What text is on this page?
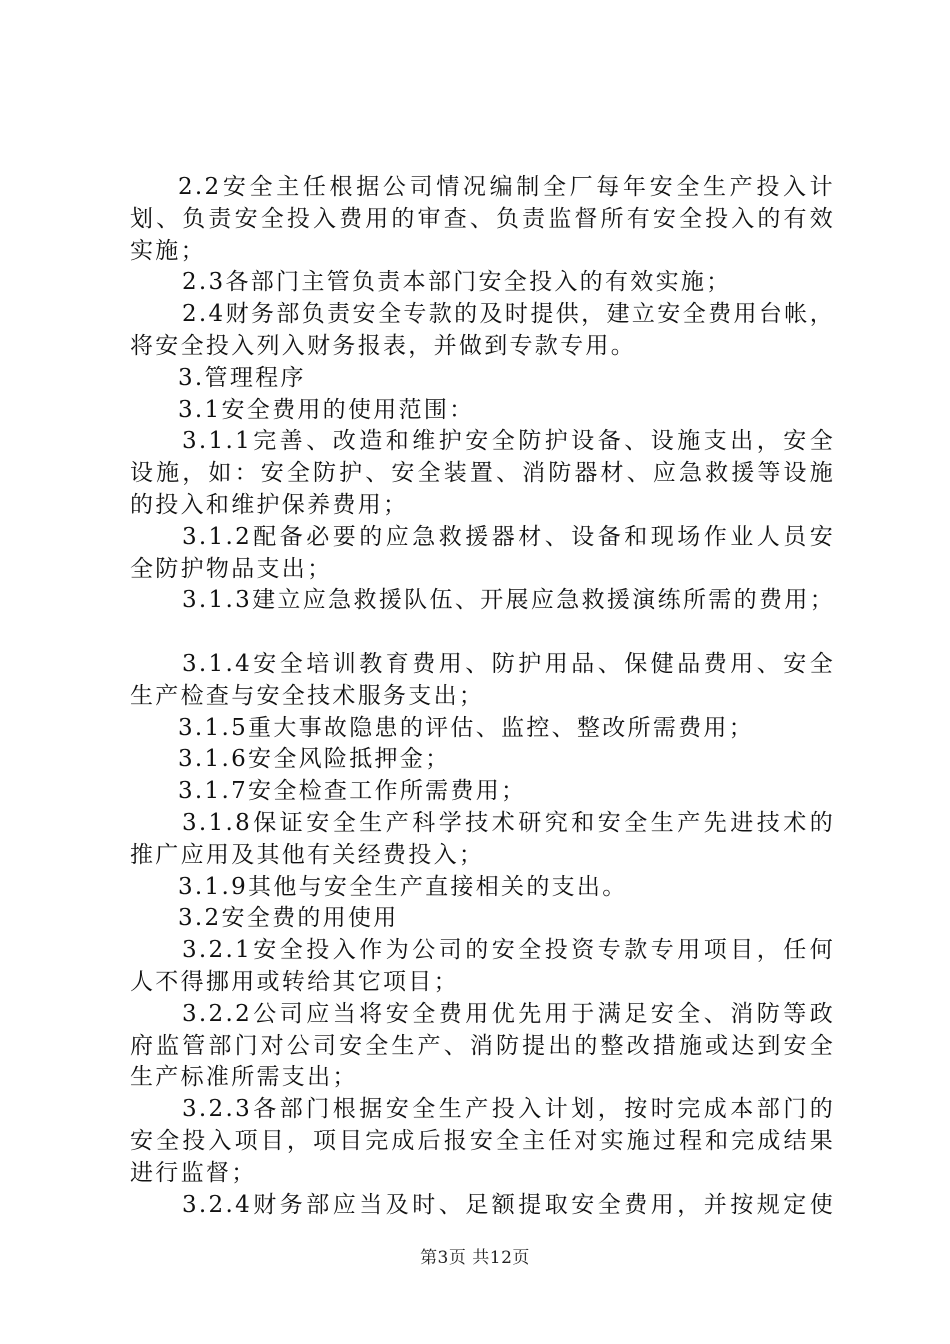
2.2安全主任根据公司情况编制全厂每年安全生产投入计
划、负责安全投入费用的审查、负责监督所有安全投入的有效
实施；
2.3各部门主管负责本部门安全投入的有效实施；
2.4财务部负责安全专款的及时提供，建立安全费用台帐，
将安全投入列入财务报表，并做到专款专用。
3.管理程序
3.1安全费用的使用范围：
3.1.1完善、改造和维护安全防护设备、设施支出，安全
设施，如：安全防护、安全装置、消防器材、应急救援等设施
的投入和维护保养费用；
3.1.2配备必要的应急救援器材、设备和现场作业人员安
全防护物品支出；
3.1.3建立应急救援队伍、开展应急救援演练所需的费用；
3.1.4安全培训教育费用、防护用品、保健品费用、安全
生产检查与安全技术服务支出；
3.1.5重大事故隐患的评估、监控、整改所需费用；
3.1.6安全风险抵押金；
3.1.7安全检查工作所需费用；
3.1.8保证安全生产科学技术研究和安全生产先进技术的
推广应用及其他有关经费投入；
3.1.9其他与安全生产直接相关的支出。
3.2安全费的用使用
3.2.1安全投入作为公司的安全投资专款专用项目，任何
人不得挪用或转给其它项目；
3.2.2公司应当将安全费用优先用于满足安全、消防等政
府监管部门对公司安全生产、消防提出的整改措施或达到安全
生产标准所需支出；
3.2.3各部门根据安全生产投入计划，按时完成本部门的
安全投入项目，项目完成后报安全主任对实施过程和完成结果
进行监督；
3.2.4财务部应当及时、足额提取安全费用，并按规定使
第3页 共12页
